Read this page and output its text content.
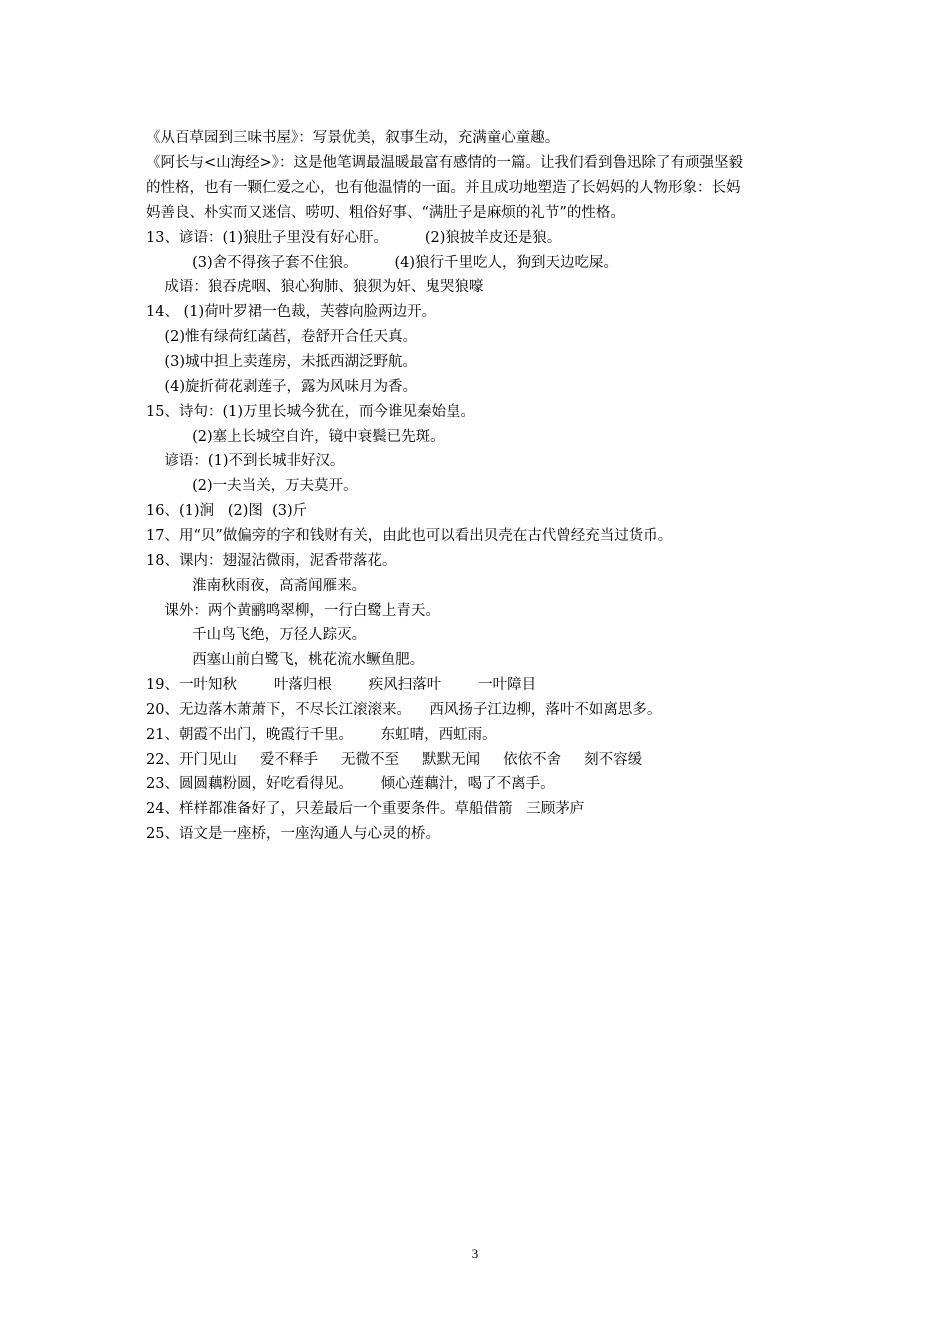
《从百草园到三味书屋》：写景优美，叙事生动，充满童心童趣。
《阿长与<山海经>》：这是他笔调最温暖最富有感情的一篇。让我们看到鲁迅除了有顽强坚毅
的性格，也有一颗仁爱之心，也有他温情的一面。并且成功地塑造了长妈妈的人物形象：长妈
妈善良、朴实而又迷信、唠叨、粗俗好事、“满肚子是麻烦的礼节”的性格。
13、谚语：(1)狼肚子里没有好心肝。        (2)狼披羊皮还是狼。
(3)舍不得孩子套不住狼。        (4)狼行千里吃人，狗到天边吃屎。
成语：狼吞虎咽、狼心狗肺、狼狈为奸、鬼哭狼嚎
14、 (1)荷叶罗裙一色裁，芙蓉向脸两边开。
(2)惟有绿荷红菡萏，卷舒开合任天真。
(3)城中担上卖莲房，未抵西湖泛野航。
(4)旋折荷花剥莲子，露为风味月为香。
15、诗句：(1)万里长城今犹在，而今谁见秦始皇。
(2)塞上长城空自许，镜中衰鬓已先斑。
谚语：(1)不到长城非好汉。
(2)一夫当关，万夫莫开。
16、(1)涧   (2)图  (3)斤
17、用“贝”做偏旁的字和钱财有关，由此也可以看出贝壳在古代曾经充当过货币。
18、课内：翅湿沾微雨，泥香带落花。
淮南秋雨夜，高斋闻雁来。
课外：两个黄鹂鸣翠柳，一行白鹭上青天。
千山鸟飞绝，万径人踪灭。
西塞山前白鹭飞，桃花流水鳜鱼肥。
19、一叶知秋        叶落归根        疾风扫落叶        一叶障目
20、无边落木萧萧下，不尽长江滚滚来。    西风扬子江边柳，落叶不如离思多。
21、朝霞不出门，晚霞行千里。      东虹晴，西虹雨。
22、开门见山     爱不释手     无微不至     默默无闻     依依不舍     刻不容缓
23、圆圆藕粉圆，好吃看得见。      倾心莲藕汁，喝了不离手。
24、样样都准备好了，只差最后一个重要条件。草船借箭   三顾茅庐
25、语文是一座桥，一座沟通人与心灵的桥。
3
